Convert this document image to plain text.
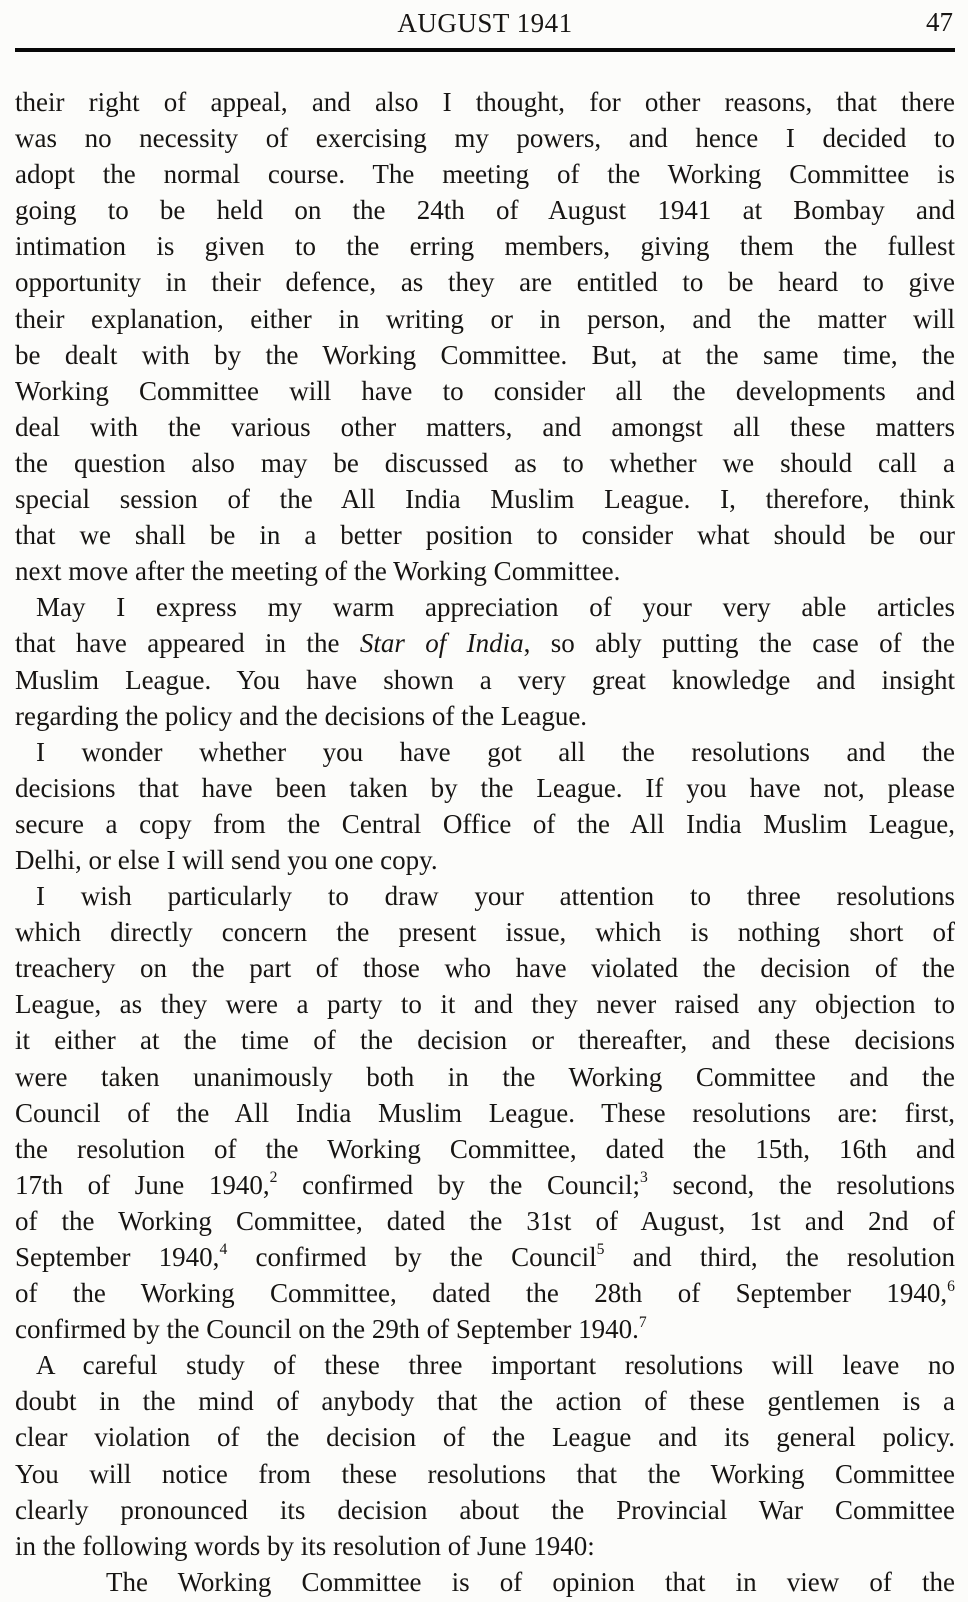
AUGUST 1941	47
their right of appeal, and also I thought, for other reasons, that there
was no necessity of exercising my powers, and hence I decided to
adopt the normal course. The meeting of the Working Committee is
going to be held on the 24th of August 1941 at Bombay and
intimation is given to the erring members, giving them the fullest
opportunity in their defence, as they are entitled to be heard to give
their explanation, either in writing or in person, and the matter will
be dealt with by the Working Committee. But, at the same time, the
Working Committee will have to consider all the developments and
deal with the various other matters, and amongst all these matters
the question also may be discussed as to whether we should call a
special session of the All India Muslim League. I, therefore, think
that we shall be in a better position to consider what should be our
next move after the meeting of the Working Committee.
May I express my warm appreciation of your very able articles
that have appeared in the Star of India, so ably putting the case of the
Muslim League. You have shown a very great knowledge and insight
regarding the policy and the decisions of the League.
I wonder whether you have got all the resolutions and the
decisions that have been taken by the League. If you have not, please
secure a copy from the Central Office of the All India Muslim League,
Delhi, or else I will send you one copy.
I wish particularly to draw your attention to three resolutions
which directly concern the present issue, which is nothing short of
treachery on the part of those who have violated the decision of the
League, as they were a party to it and they never raised any objection to
it either at the time of the decision or thereafter, and these decisions
were taken unanimously both in the Working Committee and the
Council of the All India Muslim League. These resolutions are: first,
the resolution of the Working Committee, dated the 15th, 16th and
17th of June 1940,$^2$ confirmed by the Council;$^3$ second, the resolutions
of the Working Committee, dated the 31st of August, 1st and 2nd of
September 1940,$^4$ confirmed by the Council$^5$ and third, the resolution
of the Working Committee, dated the 28th of September 1940,$^6$
confirmed by the Council on the 29th of September 1940.$^7$
A careful study of these three important resolutions will leave no
doubt in the mind of anybody that the action of these gentlemen is a
clear violation of the decision of the League and its general policy.
You will notice from these resolutions that the Working Committee
clearly pronounced its decision about the Provincial War Committee
in the following words by its resolution of June 1940:
The Working Committee is of opinion that in view of the
